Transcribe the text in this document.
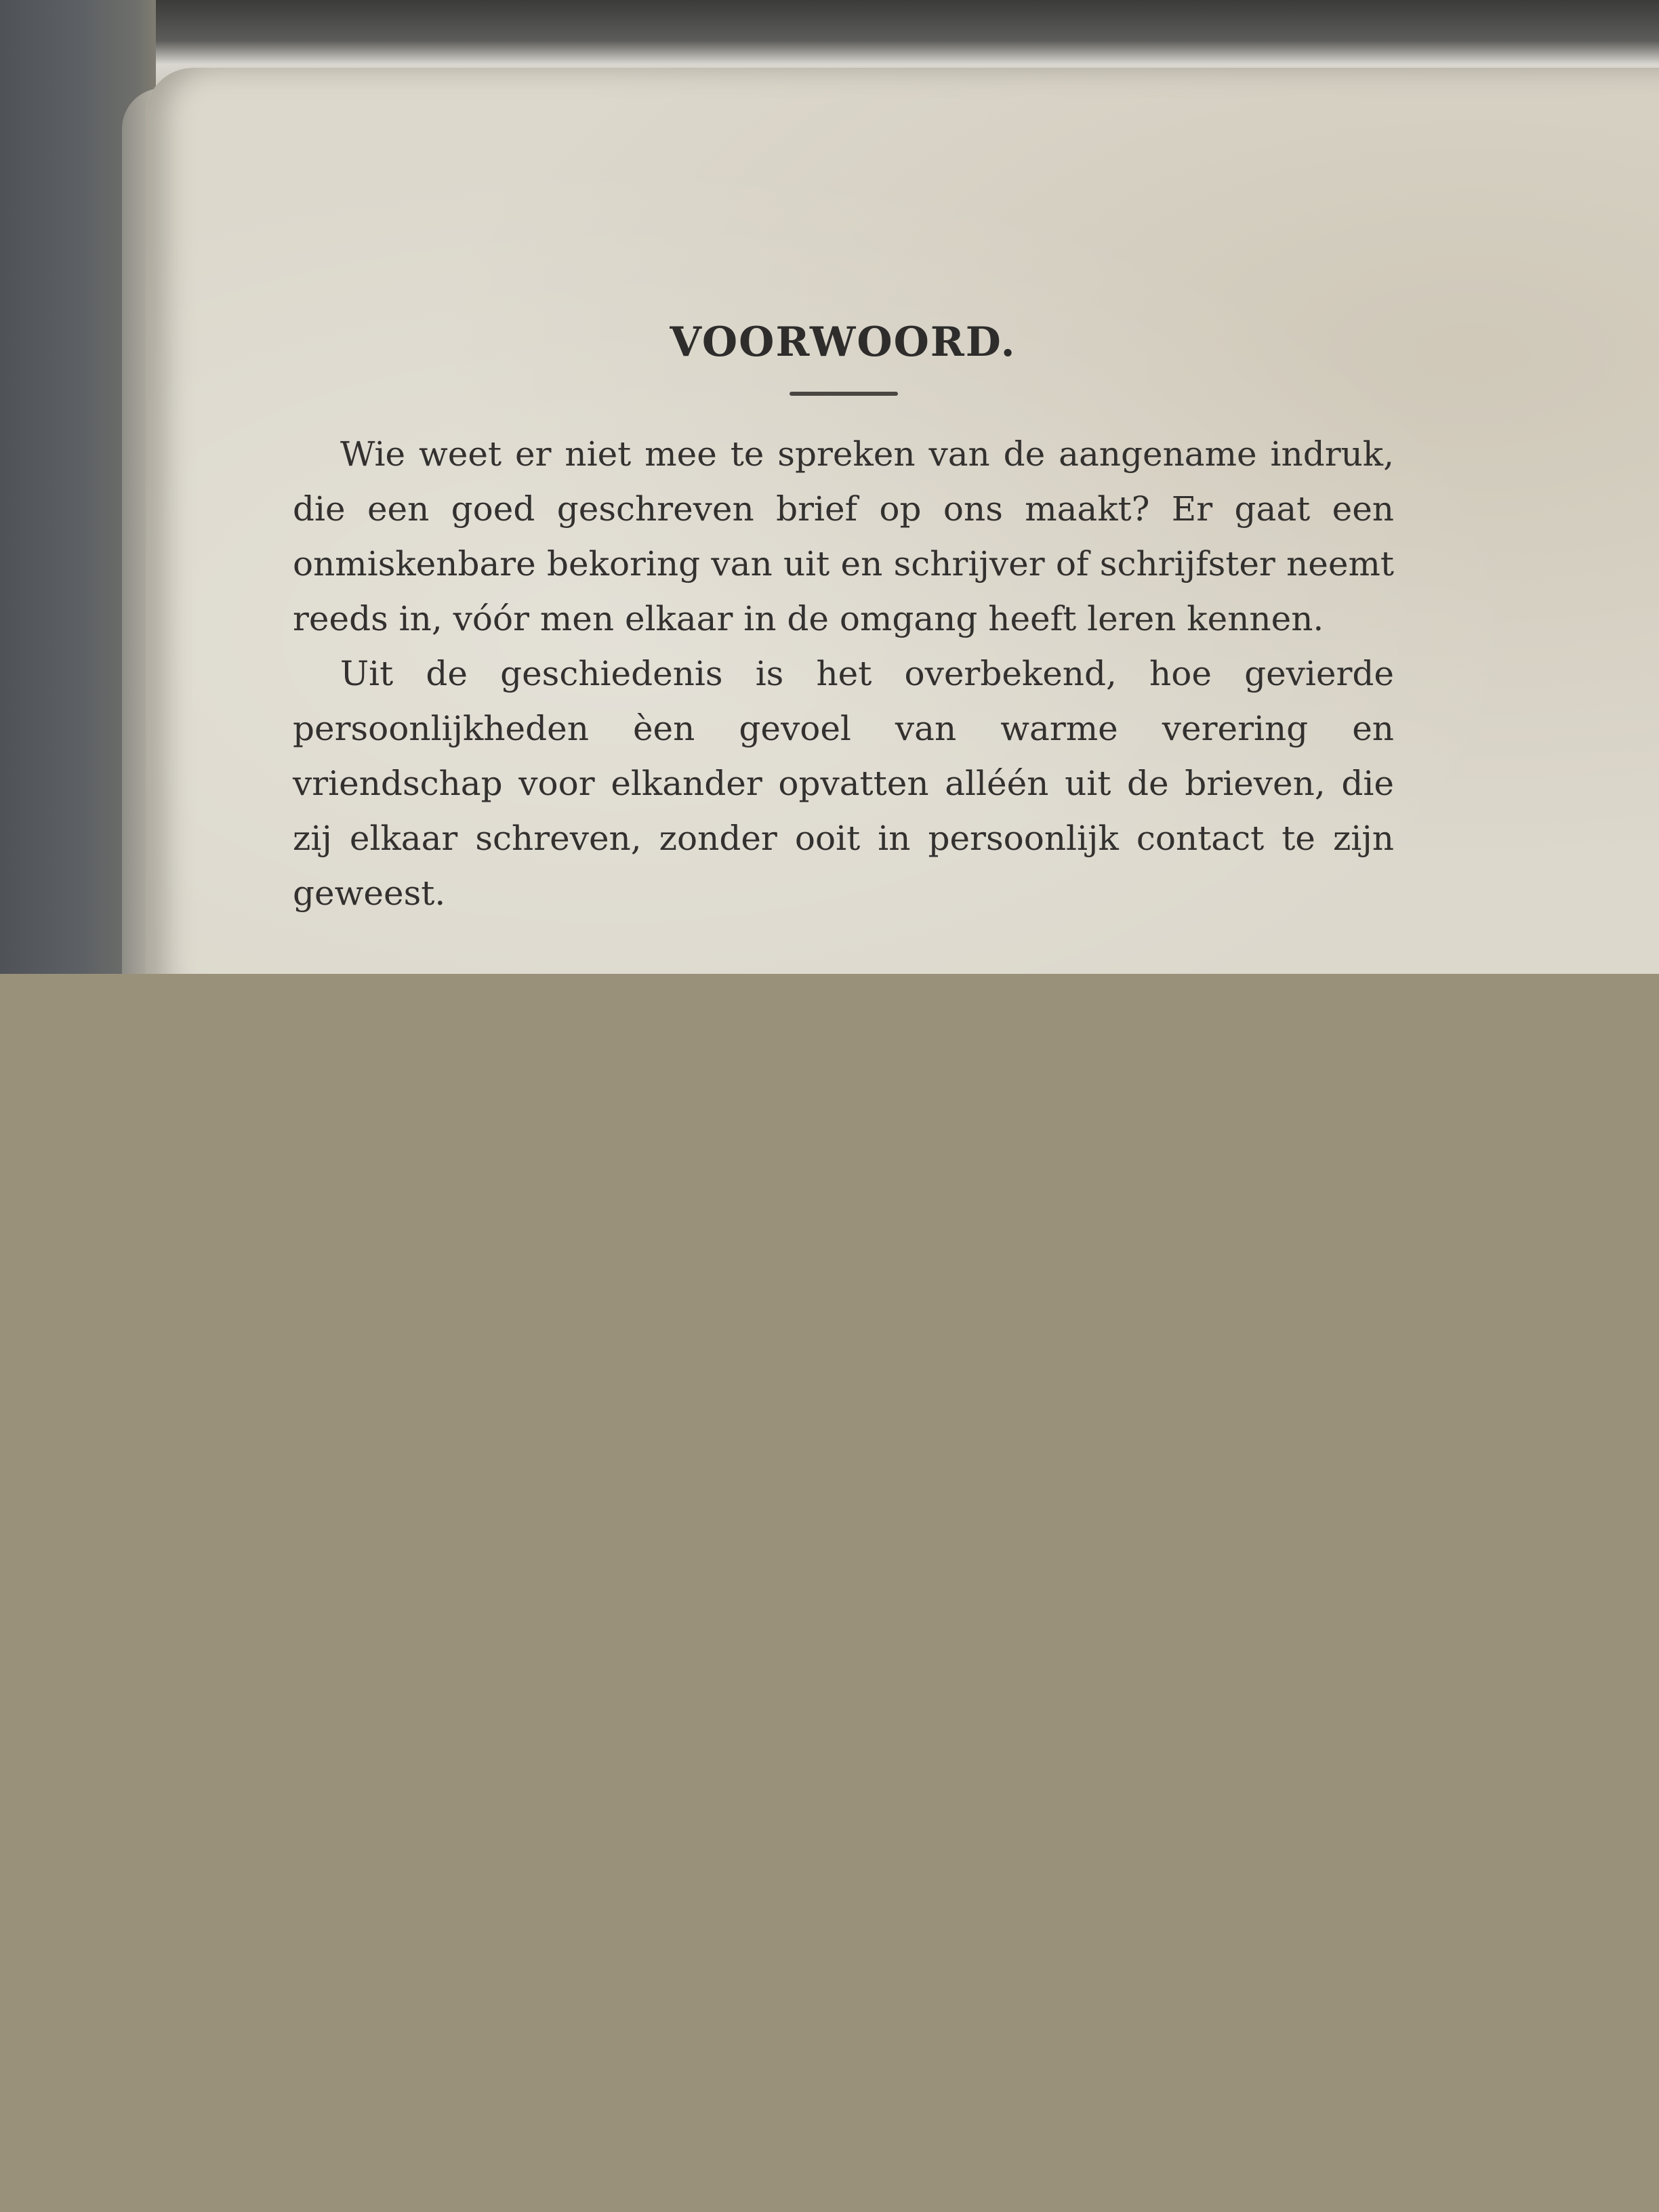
VOORWOORD.

Wie weet er niet mee te spreken van de aangename indruk, die een goed geschreven brief op ons maakt? Er gaat een onmiskenbare bekoring van uit en schrijver of schrijfster neemt reeds in, vóór men elkaar in de omgang heeft leren kennen.

Uit de geschiedenis is het overbekend, hoe gevierde persoonlijkheden èen gevoel van warme verering en vriendschap voor elkander opvatten alléén uit de brieven, die zij elkaar schreven, zonder ooit in persoonlijk contact te zijn geweest.
